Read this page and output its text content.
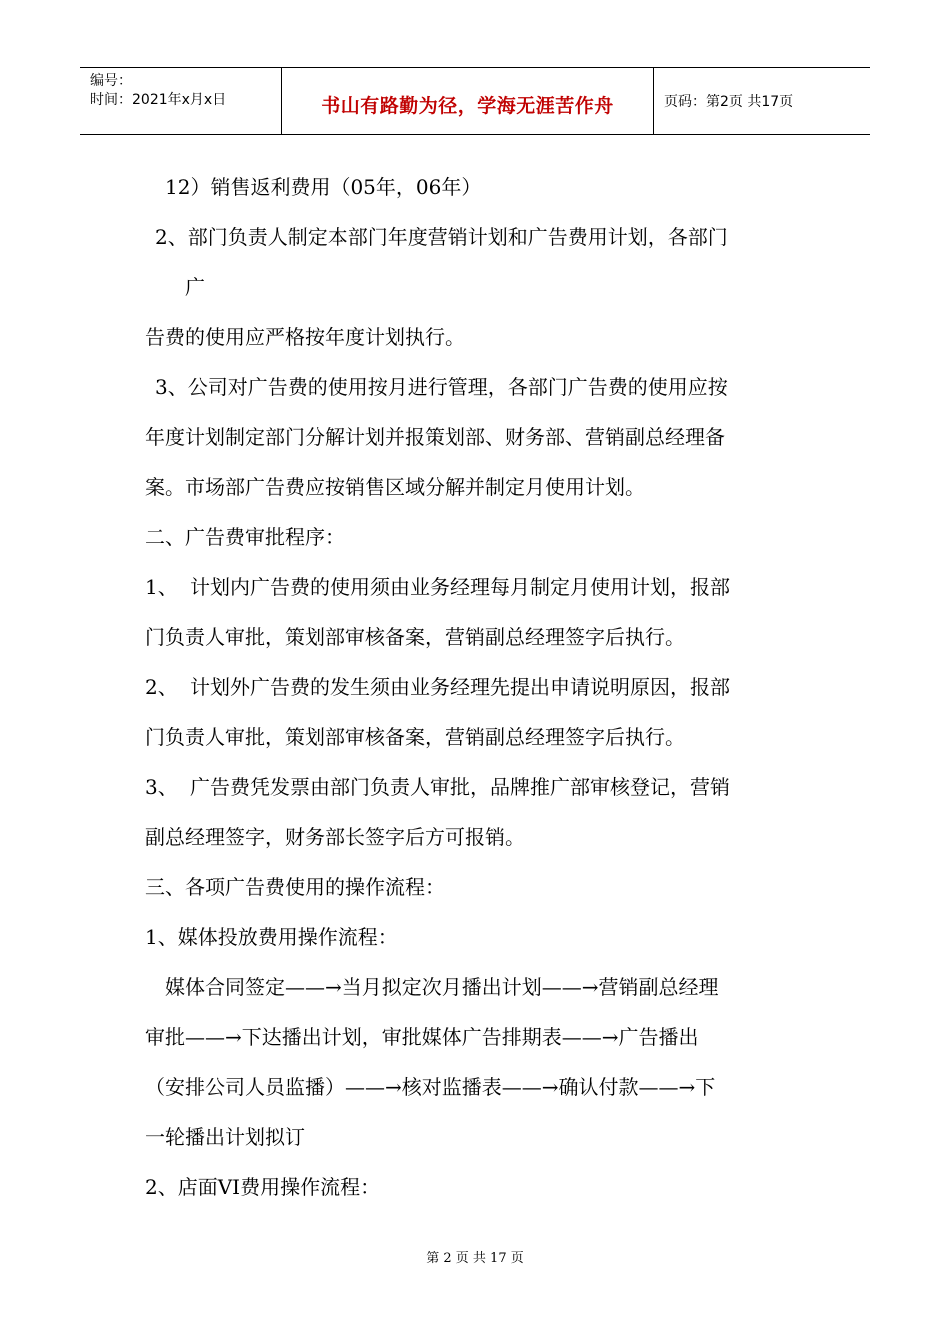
编号：
时间：2021年x月x日	书山有路勤为径，学海无涯苦作舟	页码：第2页 共17页

12）销售返利费用（05年，06年）

2、部门负责人制定本部门年度营销计划和广告费用计划，各部门

广

告费的使用应严格按年度计划执行。

3、公司对广告费的使用按月进行管理，各部门广告费的使用应按

年度计划制定部门分解计划并报策划部、财务部、营销副总经理备

案。市场部广告费应按销售区域分解并制定月使用计划。

二、广告费审批程序：

1、 计划内广告费的使用须由业务经理每月制定月使用计划，报部

门负责人审批，策划部审核备案，营销副总经理签字后执行。

2、 计划外广告费的发生须由业务经理先提出申请说明原因，报部

门负责人审批，策划部审核备案，营销副总经理签字后执行。

3、 广告费凭发票由部门负责人审批，品牌推广部审核登记，营销

副总经理签字，财务部长签字后方可报销。

三、各项广告费使用的操作流程：

1、媒体投放费用操作流程：

媒体合同签定——→当月拟定次月播出计划——→营销副总经理

审批——→下达播出计划，审批媒体广告排期表——→广告播出

（安排公司人员监播）——→核对监播表——→确认付款——→下

一轮播出计划拟订

2、店面VI费用操作流程：

第 2 页 共 17 页
